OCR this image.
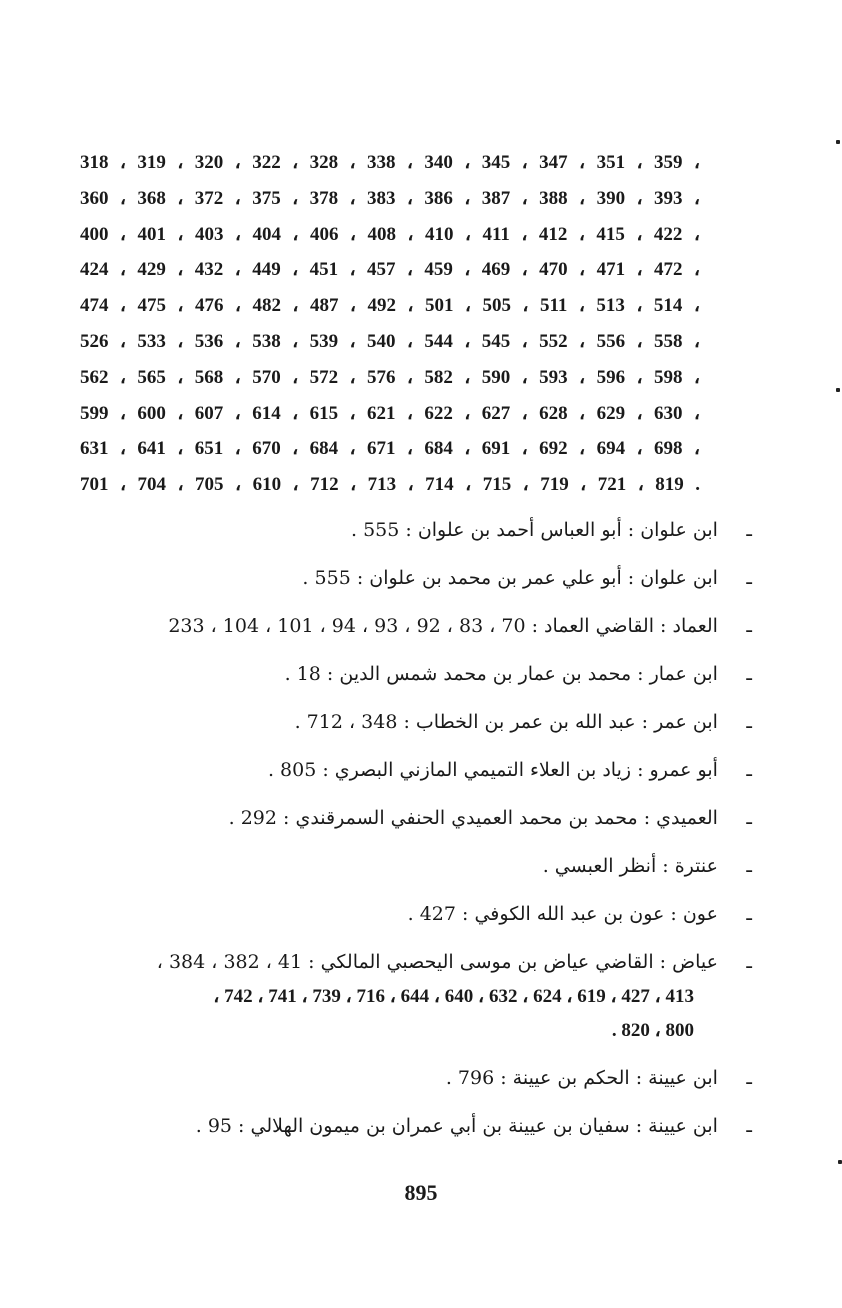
318 ، 319 ، 320 ، 322 ، 328 ، 338 ، 340 ، 345 ، 347 ، 351 ، 359 ،
360 ، 368 ، 372 ، 375 ، 378 ، 383 ، 386 ، 387 ، 388 ، 390 ، 393 ،
400 ، 401 ، 403 ، 404 ، 406 ، 408 ، 410 ، 411 ، 412 ، 415 ، 422 ،
424 ، 429 ، 432 ، 449 ، 451 ، 457 ، 459 ، 469 ، 470 ، 471 ، 472 ،
474 ، 475 ، 476 ، 482 ، 487 ، 492 ، 501 ، 505 ، 511 ، 513 ، 514 ،
526 ، 533 ، 536 ، 538 ، 539 ، 540 ، 544 ، 545 ، 552 ، 556 ، 558 ،
562 ، 565 ، 568 ، 570 ، 572 ، 576 ، 582 ، 590 ، 593 ، 596 ، 598 ،
599 ، 600 ، 607 ، 614 ، 615 ، 621 ، 622 ، 627 ، 628 ، 629 ، 630 ،
631 ، 641 ، 651 ، 670 ، 684 ، 671 ، 684 ، 691 ، 692 ، 694 ، 698 ،
701 ، 704 ، 705 ، 610 ، 712 ، 713 ، 714 ، 715 ، 719 ، 721 ، 819 .
ـ ابن علوان : أبو العباس أحمد بن علوان : 555 .
ـ ابن علوان : أبو علي عمر بن محمد بن علوان : 555 .
ـ العماد : القاضي العماد : 70 ، 83 ، 92 ، 93 ، 94 ، 101 ، 104 ، 233
ـ ابن عمار : محمد بن عمار بن محمد شمس الدين : 18 .
ـ ابن عمر : عبد الله بن عمر بن الخطاب : 348 ، 712 .
ـ أبو عمرو : زياد بن العلاء التميمي المازني البصري : 805 .
ـ العميدي : محمد بن محمد العميدي الحنفي السمرقندي : 292 .
ـ عنترة : أنظر العبسي .
ـ عون : عون بن عبد الله الكوفي : 427 .
ـ عياض : القاضي عياض بن موسى اليحصبي المالكي : 41 ، 382 ، 384 ،
413 ، 427 ، 619 ، 624 ، 632 ، 640 ، 644 ، 716 ، 739 ، 741 ، 742 ،
800 ، 820 .
ـ ابن عيينة : الحكم بن عيينة : 796 .
ـ ابن عيينة : سفيان بن عيينة بن أبي عمران بن ميمون الهلالي : 95 .
895
